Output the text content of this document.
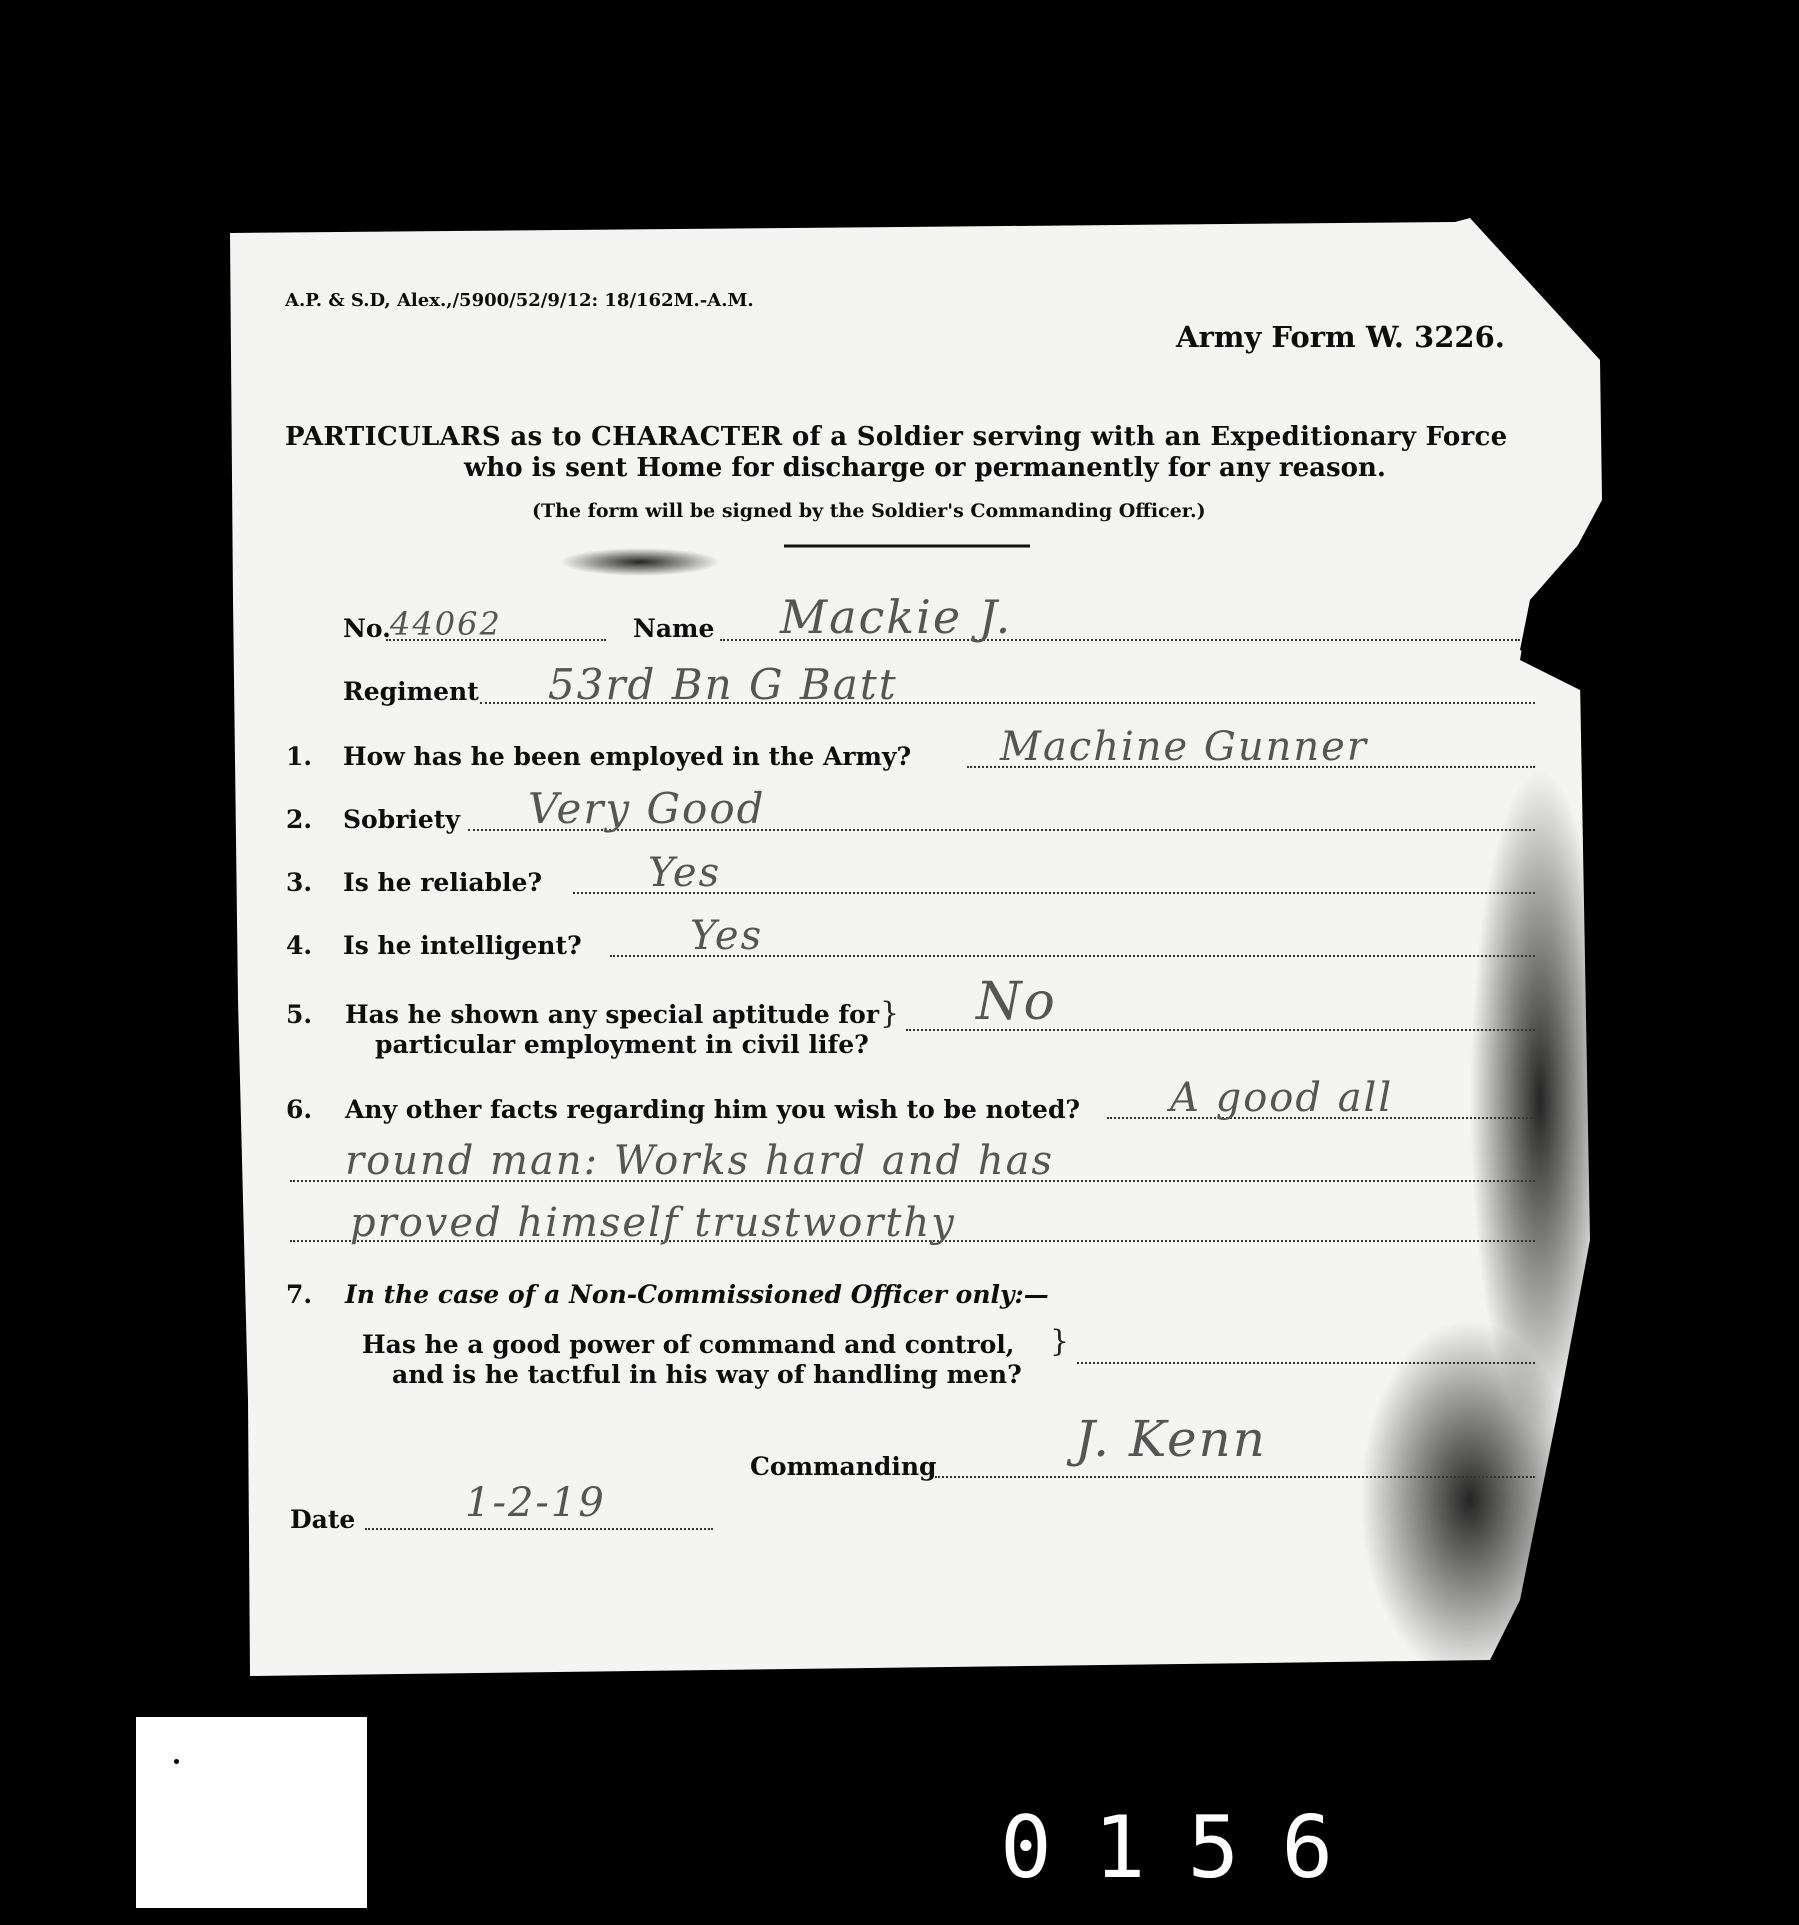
A.P. & S.D, Alex.,/5900/52/9/12: 18/162M.-A.M.
Army Form W. 3226.
PARTICULARS as to CHARACTER of a Soldier serving with an Expeditionary Force
who is sent Home for discharge or permanently for any reason.
(The form will be signed by the Soldier's Commanding Officer.)
No. 44062	Name Mackie J.
Regiment 53rd Bn G Batt
1. How has he been employed in the Army? Machine Gunner
2. Sobriety Very Good
3. Is he reliable?	Yes
4. Is he intelligent?	Yes
5. Has he shown any special aptitude for
particular employment in civil life?
} No
6. Any other facts regarding him you wish to be noted? A good all
round man: Works hard and has
proved himself trustworthy
7. In the case of a Non-Commissioned Officer only:—
Has he a good power of command and control,
and is he tactful in his way of handling men?
}
Commanding	J. Kenn
Date	1-2-19
0156
